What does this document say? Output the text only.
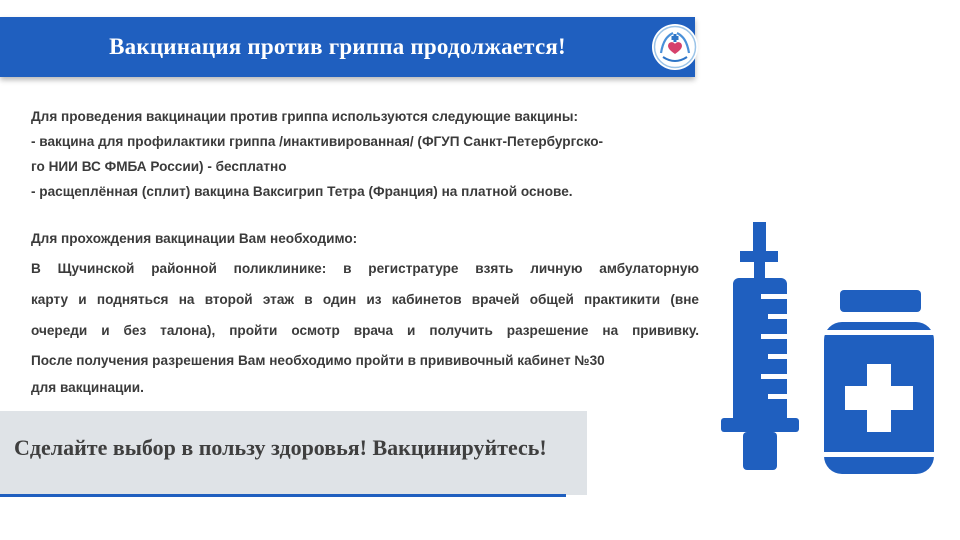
Вакцинация против гриппа продолжается!
Для проведения вакцинации против гриппа используются следующие вакцины:
- вакцина для профилактики гриппа /инактивированная/ (ФГУП Санкт-Петербургско-
го НИИ ВС ФМБА России) - бесплатно
- расщеплённая (сплит) вакцина Ваксигрип Тетра (Франция) на платной основе.
Для прохождения вакцинации Вам необходимо:
В Щучинской районной поликлинике: в регистратуре взять личную амбулаторную
карту и подняться на второй этаж в один из кабинетов врачей общей практикити (вне
очереди и без талона), пройти осмотр врача и получить разрешение на прививку.
После получения разрешения Вам необходимо пройти в прививочный кабинет №30
для вакцинации.
Сделайте выбор в пользу здоровья! Вакцинируйтесь!
